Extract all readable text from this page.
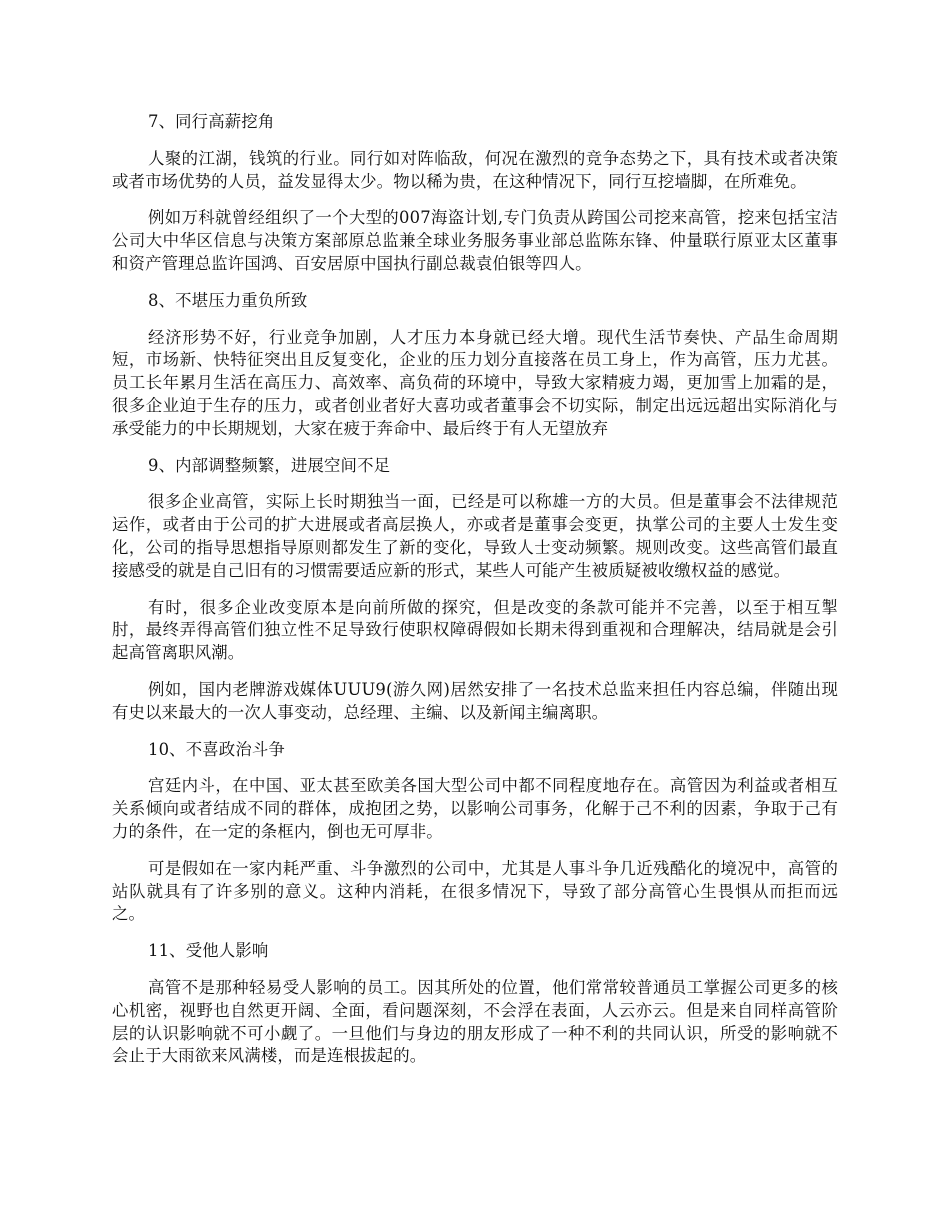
7、同行高薪挖角

人聚的江湖，钱筑的行业。同行如对阵临敌，何况在激烈的竞争态势之下，具有技术或者决策或者市场优势的人员，益发显得太少。物以稀为贵，在这种情况下，同行互挖墙脚，在所难免。

例如万科就曾经组织了一个大型的007海盗计划,专门负责从跨国公司挖来高管，挖来包括宝洁公司大中华区信息与决策方案部原总监兼全球业务服务事业部总监陈东锋、仲量联行原亚太区董事和资产管理总监许国鸿、百安居原中国执行副总裁袁伯银等四人。

8、不堪压力重负所致

经济形势不好，行业竞争加剧，人才压力本身就已经大增。现代生活节奏快、产品生命周期短，市场新、快特征突出且反复变化，企业的压力划分直接落在员工身上，作为高管，压力尤甚。员工长年累月生活在高压力、高效率、高负荷的环境中，导致大家精疲力竭，更加雪上加霜的是，很多企业迫于生存的压力，或者创业者好大喜功或者董事会不切实际，制定出远远超出实际消化与承受能力的中长期规划，大家在疲于奔命中、最后终于有人无望放弃

9、内部调整频繁，进展空间不足

很多企业高管，实际上长时期独当一面，已经是可以称雄一方的大员。但是董事会不法律规范运作，或者由于公司的扩大进展或者高层换人，亦或者是董事会变更，执掌公司的主要人士发生变化，公司的指导思想指导原则都发生了新的变化，导致人士变动频繁。规则改变。这些高管们最直接感受的就是自己旧有的习惯需要适应新的形式，某些人可能产生被质疑被收缴权益的感觉。

有时，很多企业改变原本是向前所做的探究，但是改变的条款可能并不完善，以至于相互掣肘，最终弄得高管们独立性不足导致行使职权障碍假如长期未得到重视和合理解决，结局就是会引起高管离职风潮。

例如，国内老牌游戏媒体UUU9(游久网)居然安排了一名技术总监来担任内容总编，伴随出现有史以来最大的一次人事变动，总经理、主编、以及新闻主编离职。

10、不喜政治斗争

宫廷内斗，在中国、亚太甚至欧美各国大型公司中都不同程度地存在。高管因为利益或者相互关系倾向或者结成不同的群体，成抱团之势，以影响公司事务，化解于己不利的因素，争取于己有力的条件，在一定的条框内，倒也无可厚非。

可是假如在一家内耗严重、斗争激烈的公司中，尤其是人事斗争几近残酷化的境况中，高管的站队就具有了许多别的意义。这种内消耗，在很多情况下，导致了部分高管心生畏惧从而拒而远之。

11、受他人影响

高管不是那种轻易受人影响的员工。因其所处的位置，他们常常较普通员工掌握公司更多的核心机密，视野也自然更开阔、全面，看问题深刻，不会浮在表面，人云亦云。但是来自同样高管阶层的认识影响就不可小觑了。一旦他们与身边的朋友形成了一种不利的共同认识，所受的影响就不会止于大雨欲来风满楼，而是连根拔起的。
